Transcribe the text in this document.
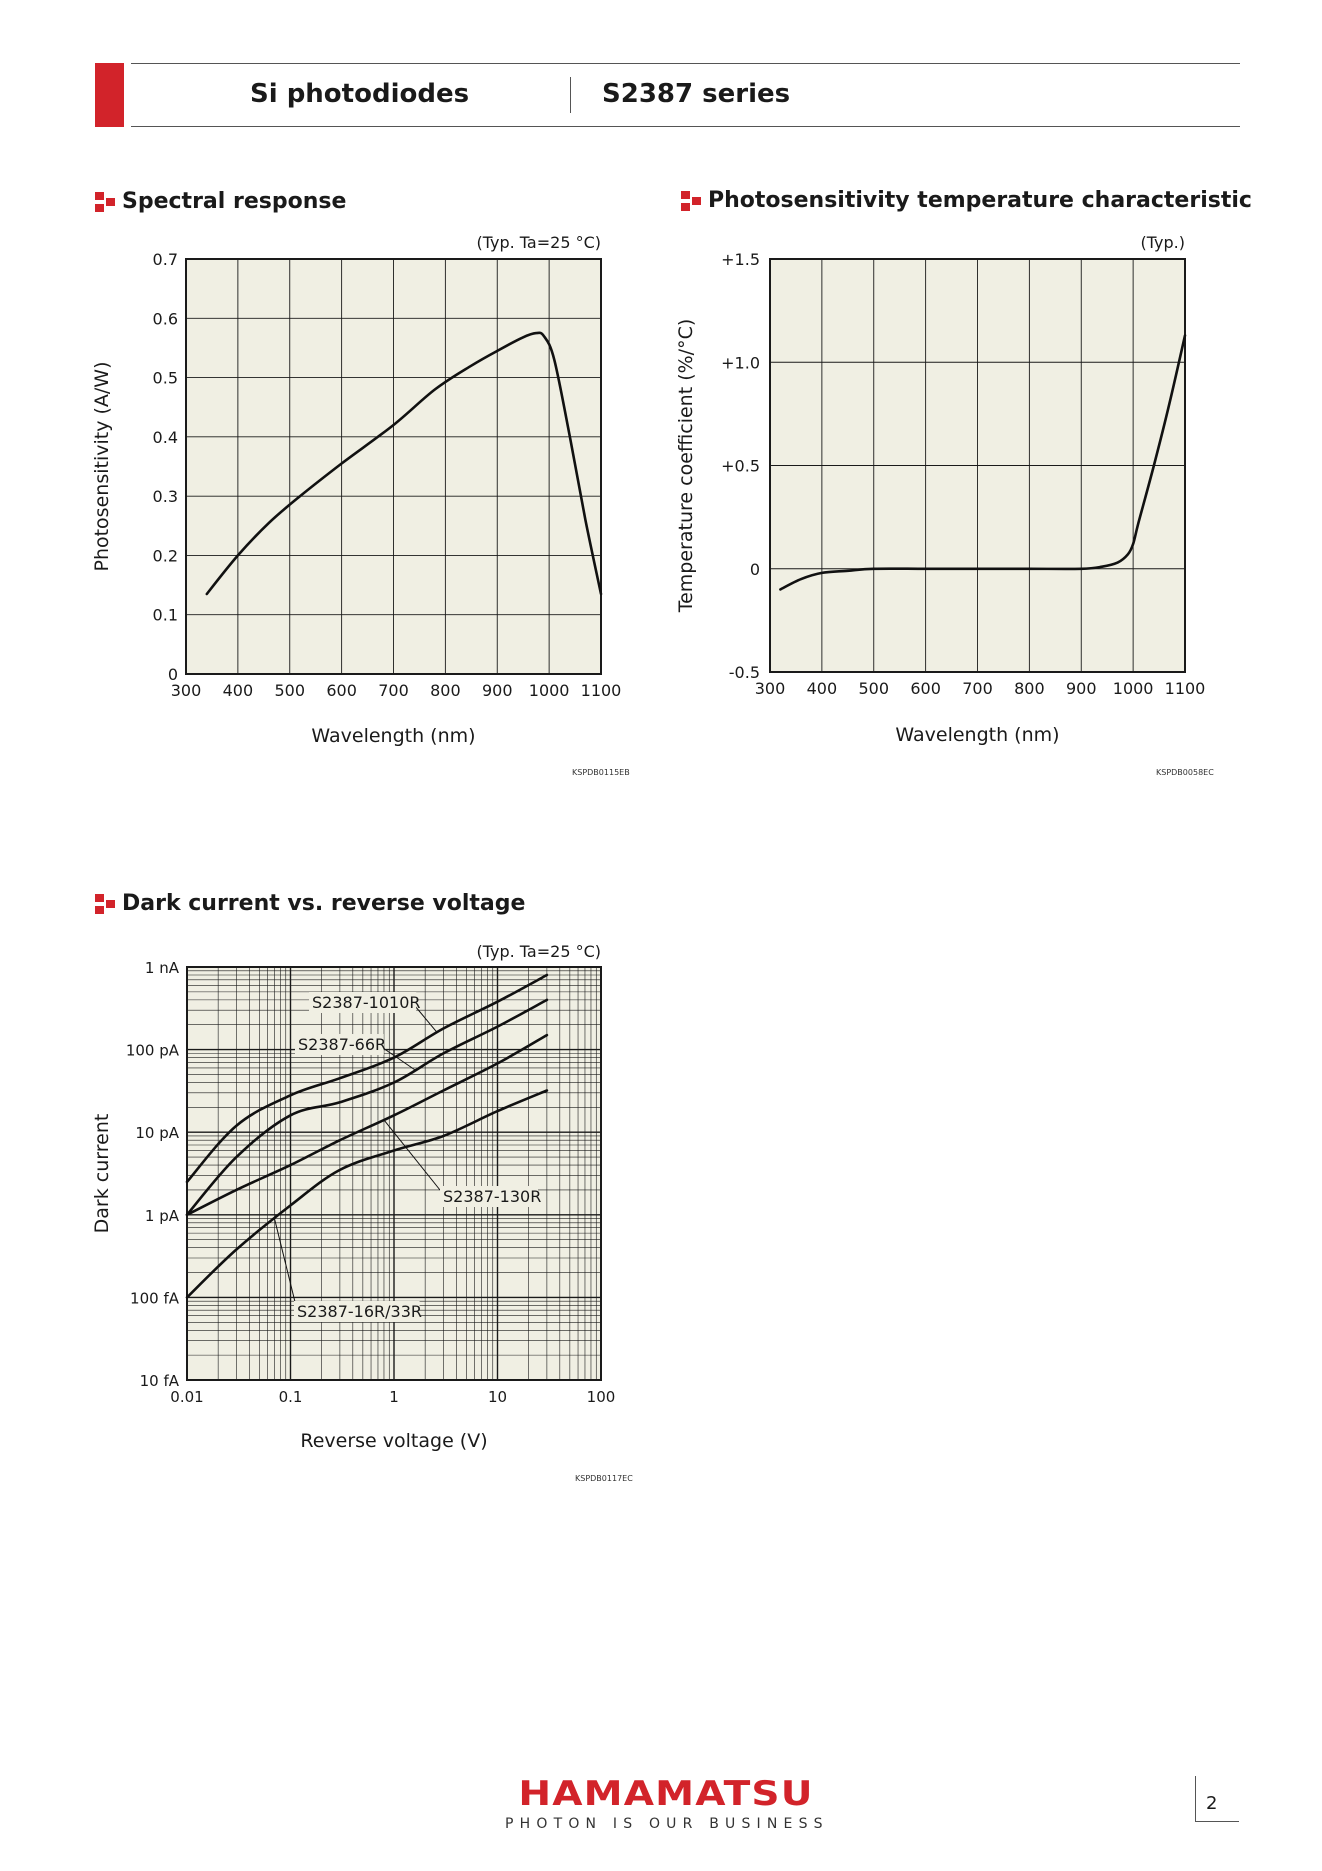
Si photodiodes	S2387 series
Spectral response	Photosensitivity temperature characteristic
Dark current vs. reverse voltage
300 400 500 600 700 800 900 1000 1100
0
0.1
0.2
0.3
0.4
0.5
0.6
0.7
Wavelength (nm)
Photosensitivity (A/W)
(Typ. Ta=25 °C)
300 400 500 600 700 800 900 1000 1100
-0.5
0
+0.5
+1.0
+1.5
Wavelength (nm)
Temperature coefficient (%/°C)
(Typ.)
0.01	0.1	1	10	100
10 fA
100 fA
1 pA
10 pA
100 pA
1 nA
Reverse voltage (V)
Dark current
(Typ. Ta=25 °C)
S2387-1010R
S2387-66R
S2387-130R
S2387-16R/33R
KSPDB0115EB	KSPDB0058EC
KSPDB0117EC
HAMAMATSU
PHOTON IS OUR BUSINESS
2
